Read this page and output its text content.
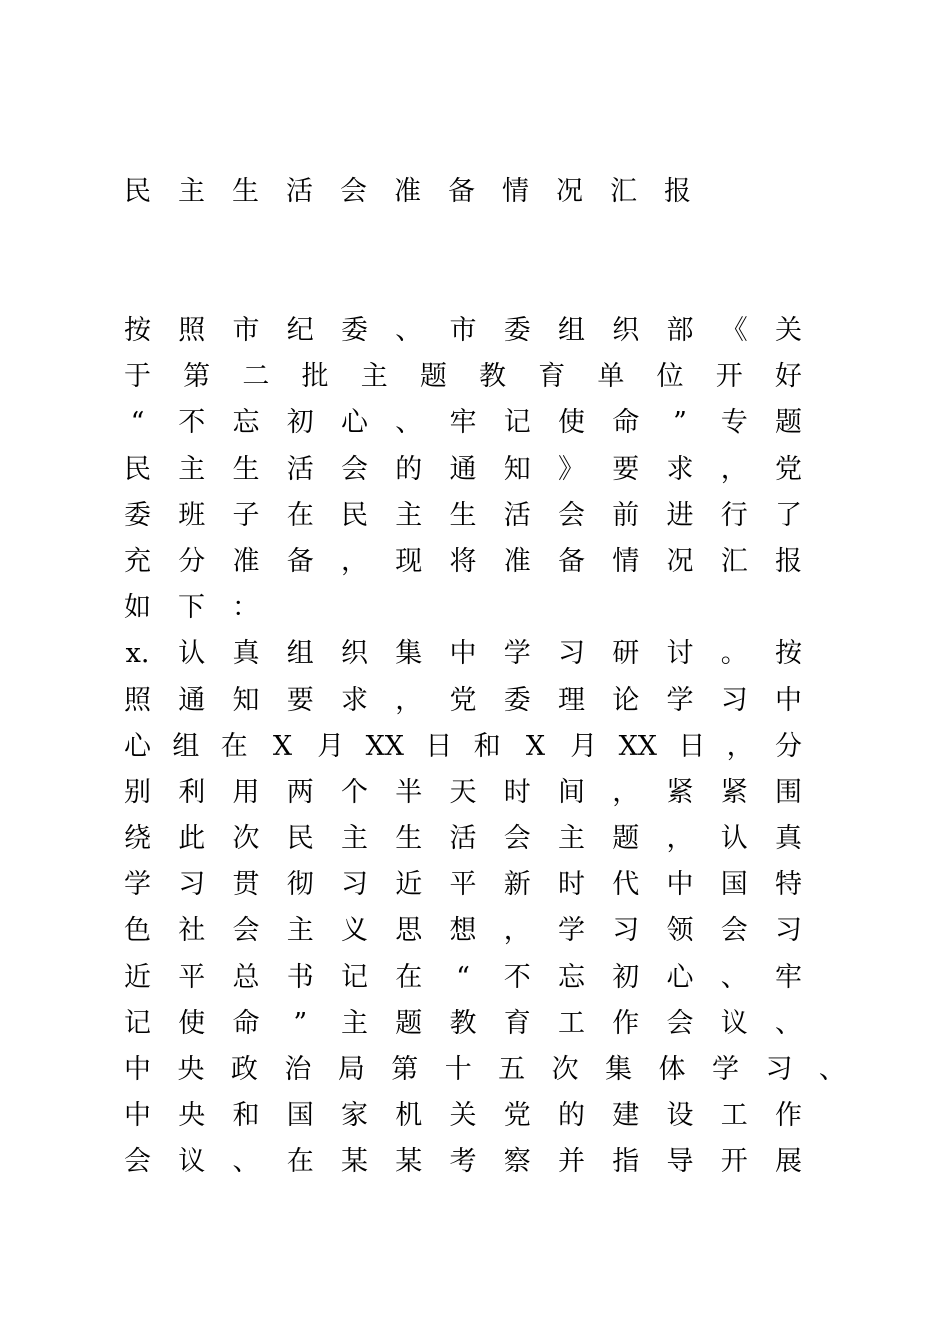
民主生活会准备情况汇报
按 照 市 纪 委 、 市 委 组 织 部 《 关
于 第 二 批 主 题 教 育 单 位 开 好
“ 不 忘 初 心 、 牢 记 使 命 ” 专 题
民 主 生 活 会 的 通 知 》 要 求 ， 党
委 班 子 在 民 主 生 活 会 前 进 行 了
充 分 准 备 ， 现 将 准 备 情 况 汇 报
如 下 ：
x. 认 真 组 织 集 中 学 习 研 讨 。 按
照 通 知 要 求 ， 党 委 理 论 学 习 中
心 组 在 X 月 XX 日 和 X 月 XX 日 ， 分
别 利 用 两 个 半 天 时 间 ， 紧 紧 围
绕 此 次 民 主 生 活 会 主 题 ， 认 真
学 习 贯 彻 习 近 平 新 时 代 中 国 特
色 社 会 主 义 思 想 ， 学 习 领 会 习
近 平 总 书 记 在 “ 不 忘 初 心 、 牢
记 使 命 ” 主 题 教 育 工 作 会 议 、
中 央 政 治 局 第 十 五 次 集 体 学 习 、
中 央 和 国 家 机 关 党 的 建 设 工 作
会 议 、 在 某 某 考 察 并 指 导 开 展
